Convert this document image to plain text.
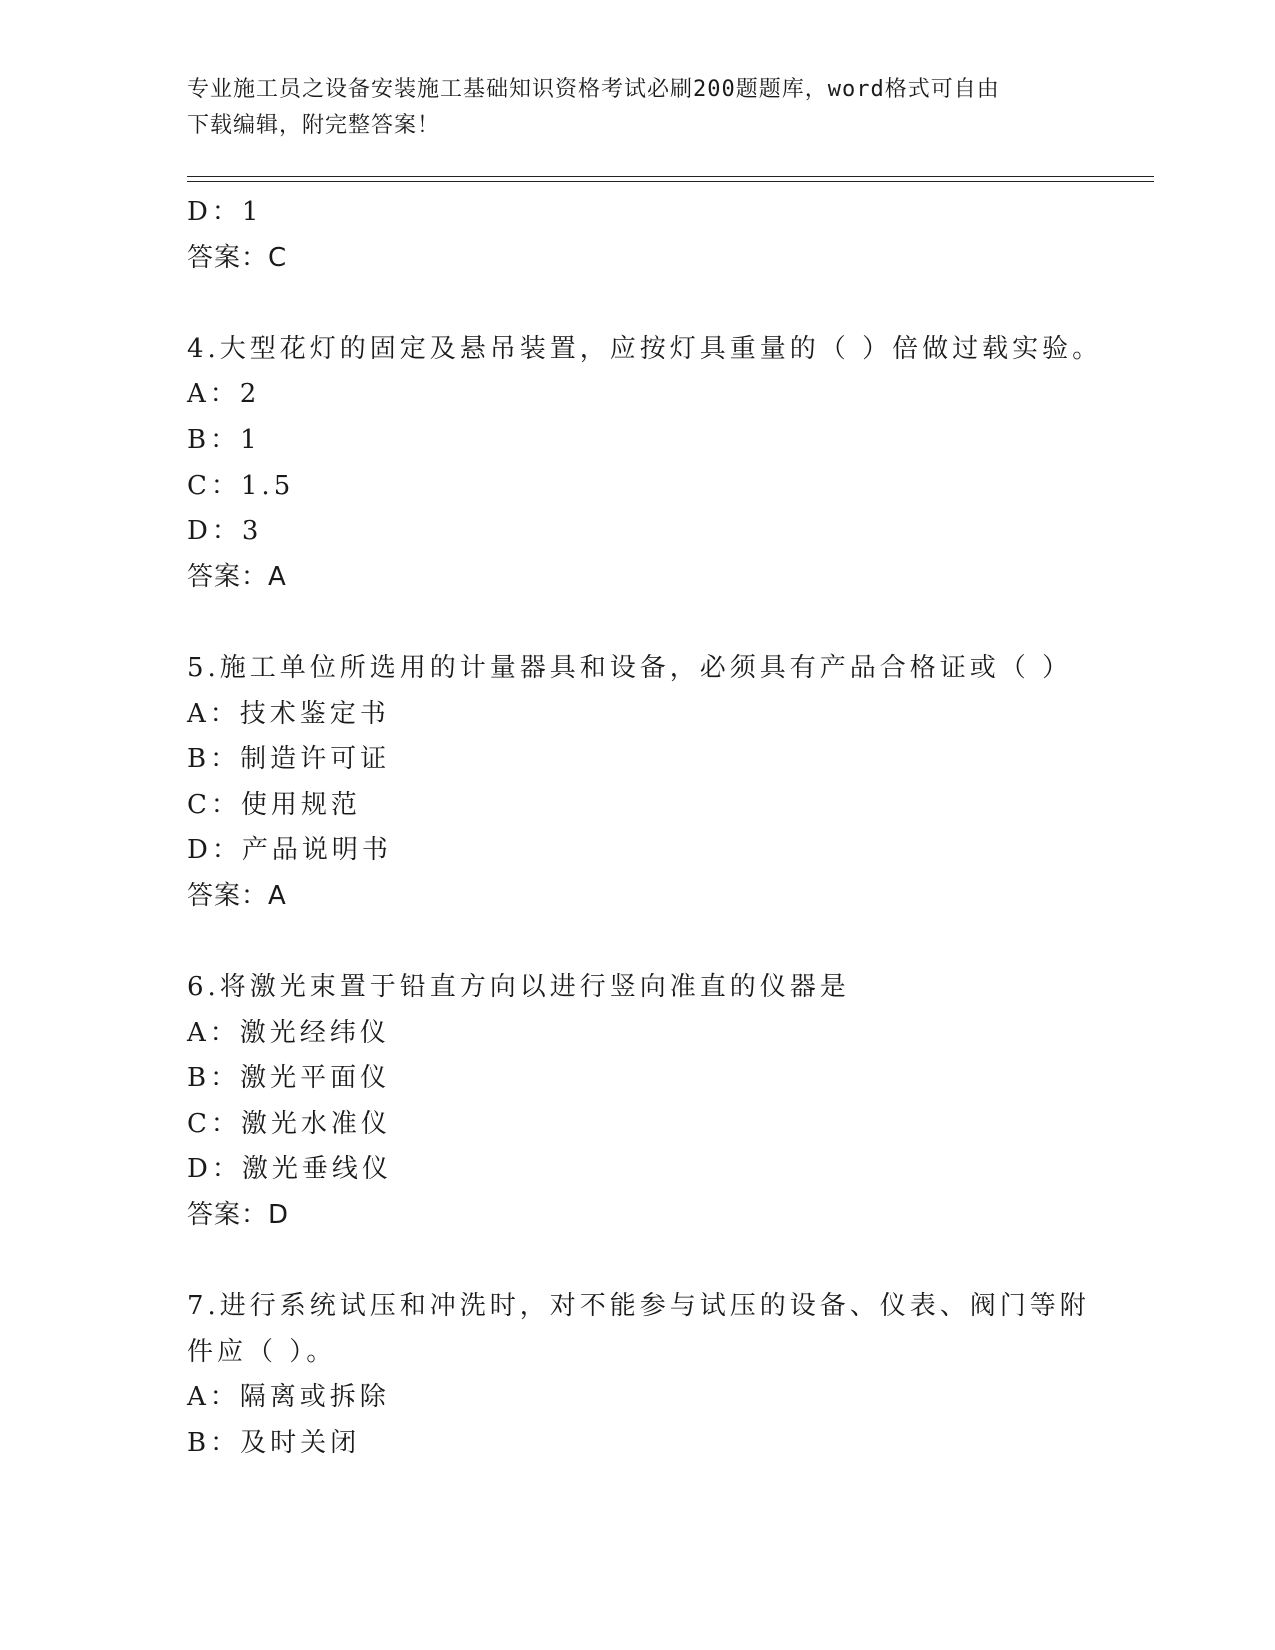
专业施工员之设备安装施工基础知识资格考试必刷200题题库，word格式可自由
下载编辑，附完整答案！
D：1
答案：C
4.大型花灯的固定及悬吊装置，应按灯具重量的（ ）倍做过载实验。
A：2
B：1
C：1.5
D：3
答案：A
5.施工单位所选用的计量器具和设备，必须具有产品合格证或（ ）
A：技术鉴定书
B：制造许可证
C：使用规范
D：产品说明书
答案：A
6.将激光束置于铅直方向以进行竖向准直的仪器是
A：激光经纬仪
B：激光平面仪
C：激光水准仪
D：激光垂线仪
答案：D
7.进行系统试压和冲洗时，对不能参与试压的设备、仪表、阀门等附
件应（ ）。
A：隔离或拆除
B：及时关闭
